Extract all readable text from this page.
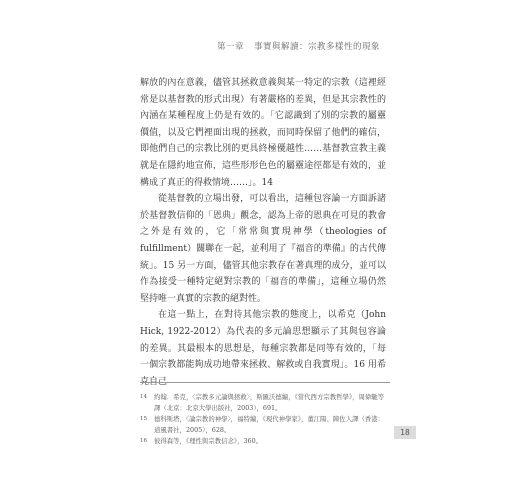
第一章 事實與解讀：宗教多樣性的現象

解放的內在意義，儘管其拯救意義與某一特定的宗教（這裡經常是以基督教的形式出現）有著嚴格的差異，但是其宗教性的內涵在某種程度上仍是有效的。「它認識到了別的宗教的屬靈價值，以及它們裡面出現的拯救，而同時保留了他們的確信，即他們自己的宗教比別的更具終極優越性……基督教宣教主義就是在隱約地宣佈，這些形形色色的屬靈途徑都是有效的，並構成了真正的得救情境……」。14

從基督教的立場出發，可以看出，這種包容論一方面訴諸於基督教信仰的「恩典」觀念，認為上帝的恩典在可見的教會之外是有效的，它「常常與實現神學（theologies of fulfillment）關聯在一起，並利用了『福音的準備』的古代傳統」。15 另一方面，儘管其他宗教存在著真理的成分，並可以作為接受一種特定絕對宗教的「福音的準備」，這種立場仍然堅持唯一真實的宗教的絕對性。

在這一點上，在對待其他宗教的態度上，以希克（John Hick, 1922-2012）為代表的多元論思想顯示了其與包容論的差異。其最根本的思想是，每種宗教都是同等有效的，「每一個宗教都能夠成功地帶來拯救、解救或自我實現」。16 用希克自己

14	約翰．希克，〈宗教多元論與拯救〉，斯匯沃德編，《當代西方宗教哲學》，周偉馳等譯（北京：北京大學出版社，2003），691。
15	德科斯塔，〈論宗教的神學〉，福特編，《現代神學家》，董江陽、陳佐人譯（香港：道風書社，2005），628。
16	彼得森等，《理性與宗教信念》，360。
18
